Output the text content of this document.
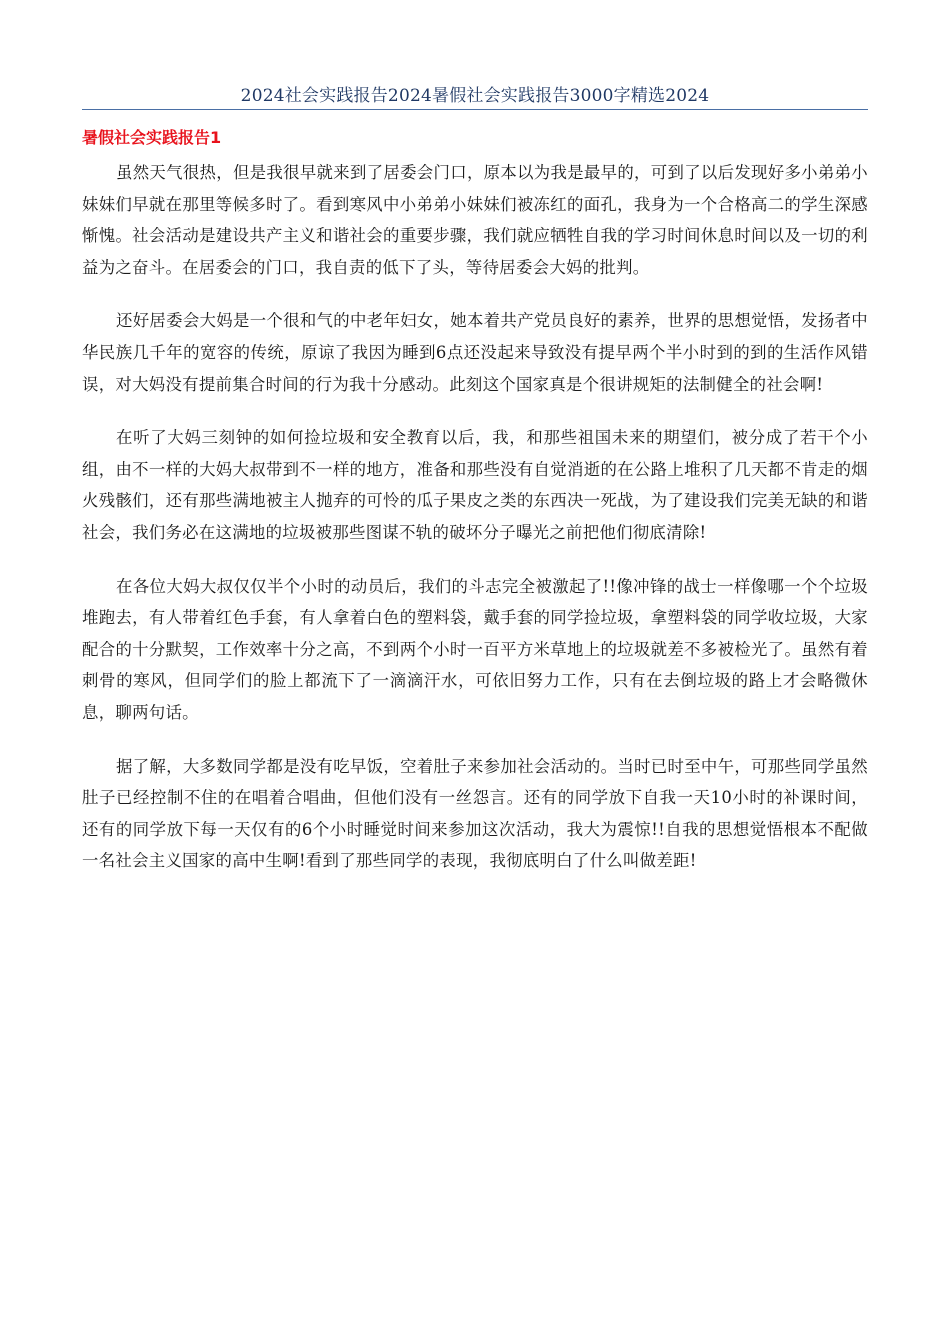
2024社会实践报告2024暑假社会实践报告3000字精选2024
暑假社会实践报告1

虽然天气很热，但是我很早就来到了居委会门口，原本以为我是最早的，可到了以后发现好多小弟弟小妹妹们早就在那里等候多时了。看到寒风中小弟弟小妹妹们被冻红的面孔，我身为一个合格高二的学生深感惭愧。社会活动是建设共产主义和谐社会的重要步骤，我们就应牺牲自我的学习时间休息时间以及一切的利益为之奋斗。在居委会的门口，我自责的低下了头，等待居委会大妈的批判。

还好居委会大妈是一个很和气的中老年妇女，她本着共产党员良好的素养，世界的思想觉悟，发扬者中华民族几千年的宽容的传统，原谅了我因为睡到6点还没起来导致没有提早两个半小时到的到的生活作风错误，对大妈没有提前集合时间的行为我十分感动。此刻这个国家真是个很讲规矩的法制健全的社会啊!

在听了大妈三刻钟的如何捡垃圾和安全教育以后，我，和那些祖国未来的期望们，被分成了若干个小组，由不一样的大妈大叔带到不一样的地方，准备和那些没有自觉消逝的在公路上堆积了几天都不肯走的烟火残骸们，还有那些满地被主人抛弃的可怜的瓜子果皮之类的东西决一死战，为了建设我们完美无缺的和谐社会，我们务必在这满地的垃圾被那些图谋不轨的破坏分子曝光之前把他们彻底清除!

在各位大妈大叔仅仅半个小时的动员后，我们的斗志完全被激起了!!像冲锋的战士一样像哪一个个垃圾堆跑去，有人带着红色手套，有人拿着白色的塑料袋，戴手套的同学捡垃圾，拿塑料袋的同学收垃圾，大家配合的十分默契，工作效率十分之高，不到两个小时一百平方米草地上的垃圾就差不多被检光了。虽然有着刺骨的寒风，但同学们的脸上都流下了一滴滴汗水，可依旧努力工作，只有在去倒垃圾的路上才会略微休息，聊两句话。

据了解，大多数同学都是没有吃早饭，空着肚子来参加社会活动的。当时已时至中午，可那些同学虽然肚子已经控制不住的在唱着合唱曲，但他们没有一丝怨言。还有的同学放下自我一天10小时的补课时间，还有的同学放下每一天仅有的6个小时睡觉时间来参加这次活动，我大为震惊!!自我的思想觉悟根本不配做一名社会主义国家的高中生啊!看到了那些同学的表现，我彻底明白了什么叫做差距!
